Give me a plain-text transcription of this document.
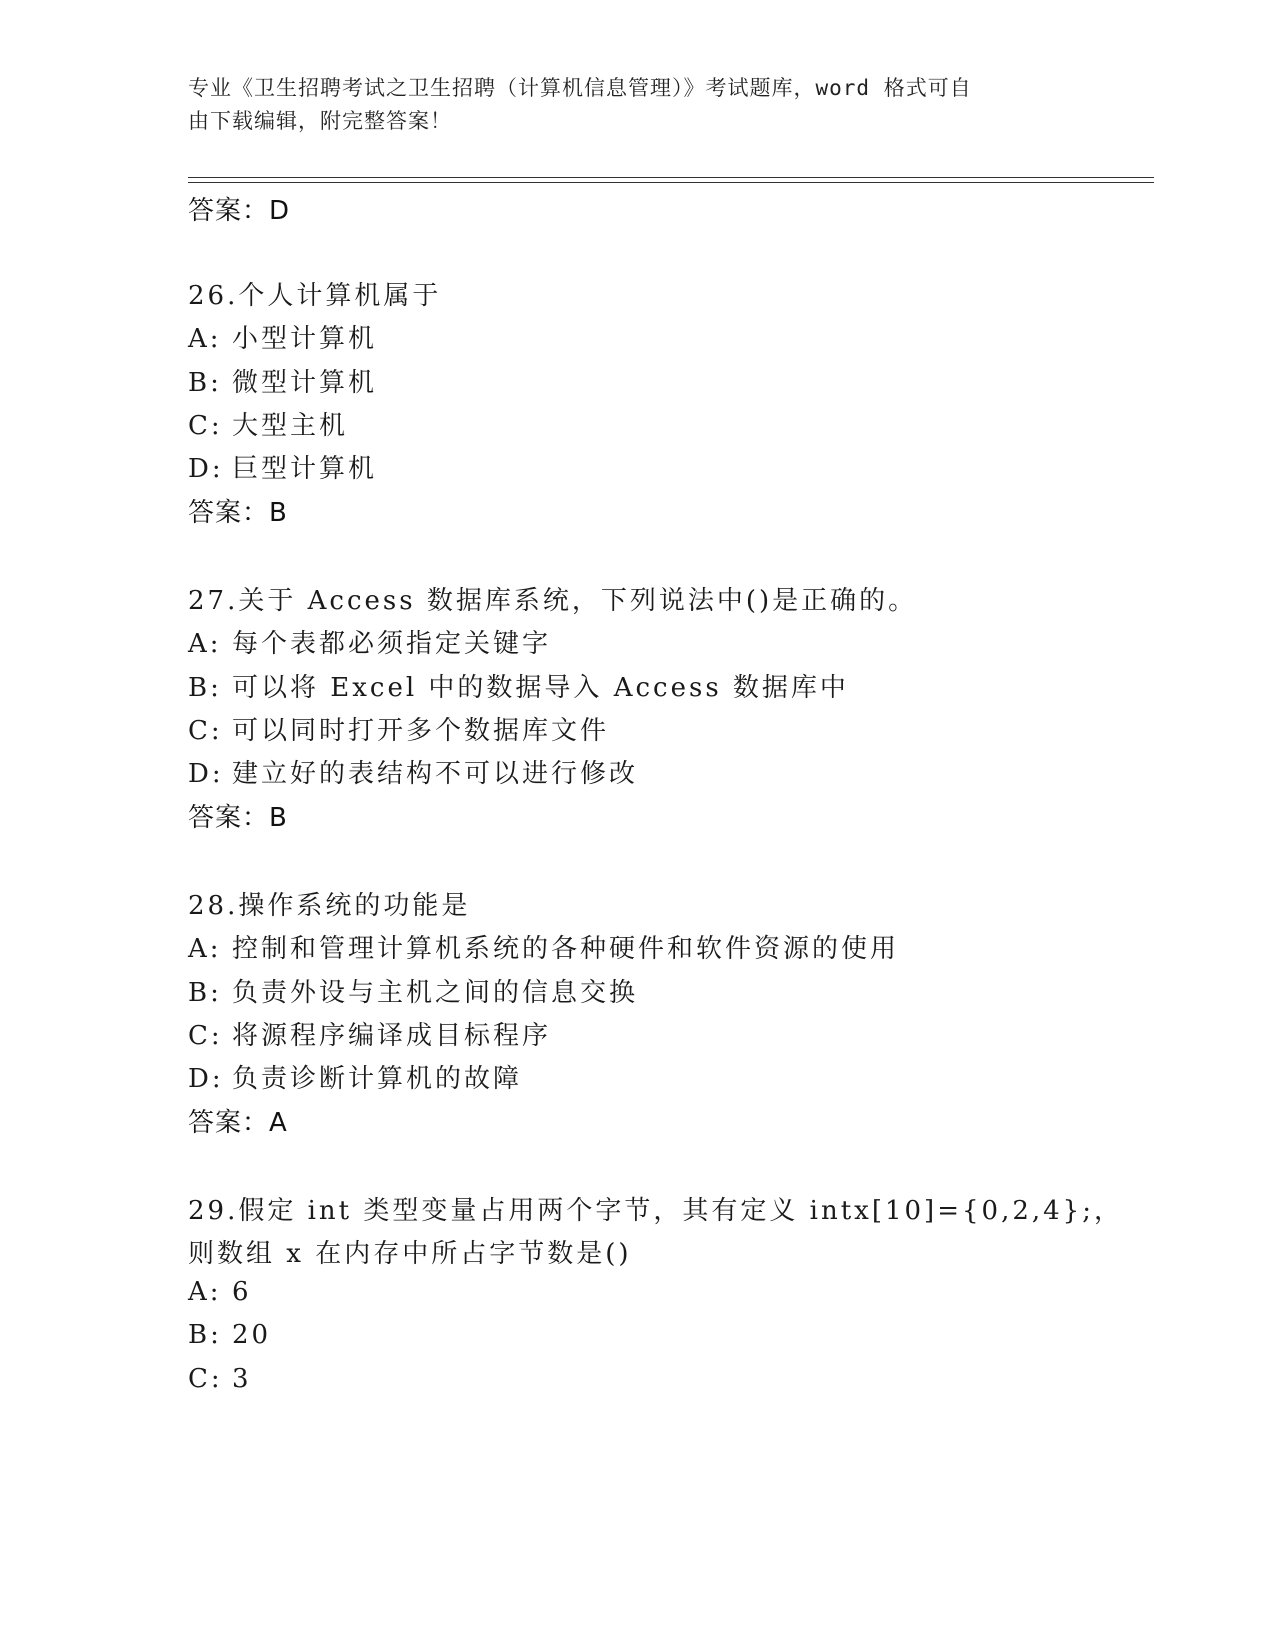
专业《卫生招聘考试之卫生招聘（计算机信息管理）》考试题库，word 格式可自
由下载编辑，附完整答案！
答案：D
26.个人计算机属于
A: 小型计算机
B: 微型计算机
C: 大型主机
D: 巨型计算机
答案：B
27.关于 Access 数据库系统，下列说法中()是正确的。
A: 每个表都必须指定关键字
B: 可以将 Excel 中的数据导入 Access 数据库中
C: 可以同时打开多个数据库文件
D: 建立好的表结构不可以进行修改
答案：B
28.操作系统的功能是
A: 控制和管理计算机系统的各种硬件和软件资源的使用
B: 负责外设与主机之间的信息交换
C: 将源程序编译成目标程序
D: 负责诊断计算机的故障
答案：A
29.假定 int 类型变量占用两个字节，其有定义 intx[10]={0,2,4};，
则数组 x 在内存中所占字节数是()
A: 6
B: 20
C: 3
